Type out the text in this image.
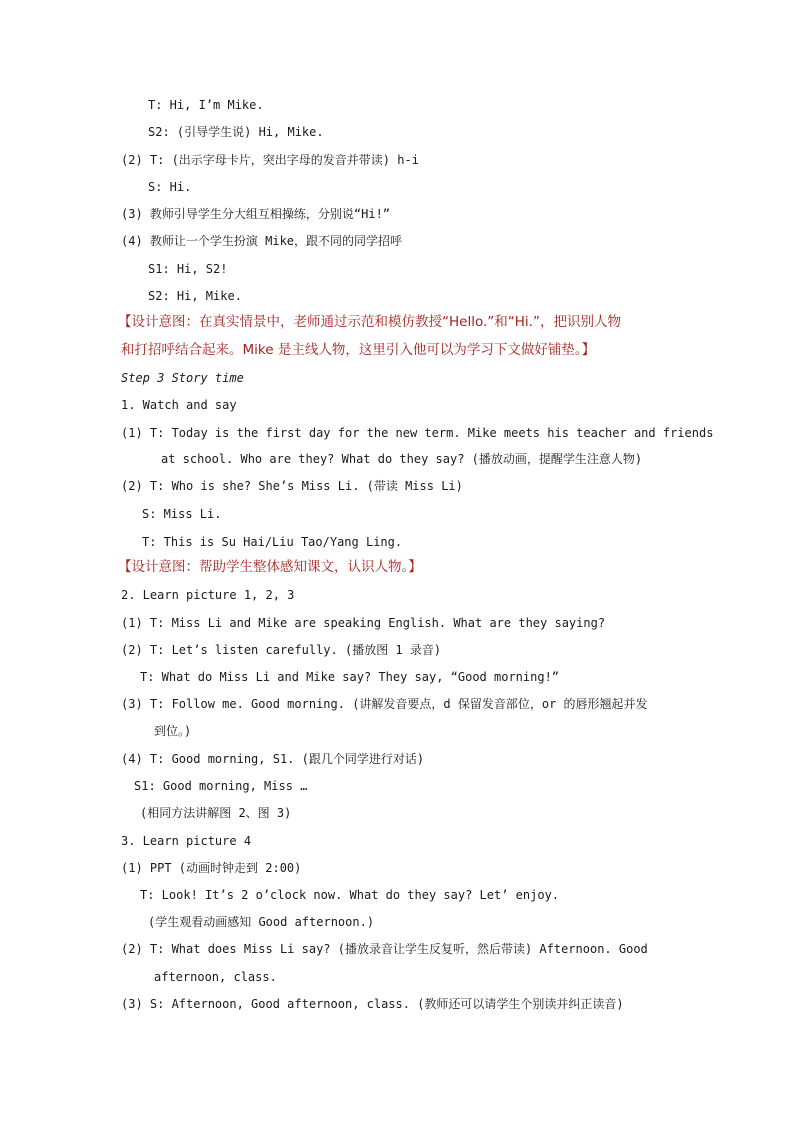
T: Hi, I’m Mike.
S2: (引导学生说) Hi, Mike.
(2) T: (出示字母卡片，突出字母的发音并带读) h-i
S: Hi.
(3) 教师引导学生分大组互相操练，分别说“Hi!”
(4) 教师让一个学生扮演 Mike，跟不同的同学招呼
S1: Hi, S2!
S2: Hi, Mike.
【设计意图：在真实情景中，老师通过示范和模仿教授“Hello.”和“Hi.”，把识别人物
和打招呼结合起来。Mike 是主线人物，这里引入他可以为学习下文做好铺垫。】
Step 3 Story time
1. Watch and say
(1) T: Today is the first day for the new term. Mike meets his teacher and friends
at school. Who are they? What do they say? (播放动画，提醒学生注意人物)
(2) T: Who is she? She’s Miss Li. (带读 Miss Li)
S: Miss Li.
T: This is Su Hai/Liu Tao/Yang Ling.
【设计意图：帮助学生整体感知课文，认识人物。】
2. Learn picture 1, 2, 3
(1) T: Miss Li and Mike are speaking English. What are they saying?
(2) T: Let’s listen carefully. (播放图 1 录音)
T: What do Miss Li and Mike say? They say, “Good morning!”
(3) T: Follow me. Good morning. (讲解发音要点，d 保留发音部位，or 的唇形翘起并发
到位。)
(4) T: Good morning, S1. (跟几个同学进行对话)
S1: Good morning, Miss …
(相同方法讲解图 2、图 3)
3. Learn picture 4
(1) PPT (动画时钟走到 2:00)
T: Look! It’s 2 o’clock now. What do they say? Let’ enjoy.
(学生观看动画感知 Good afternoon.)
(2) T: What does Miss Li say? (播放录音让学生反复听，然后带读) Afternoon. Good
afternoon, class.
(3) S: Afternoon, Good afternoon, class. (教师还可以请学生个别读并纠正读音)
